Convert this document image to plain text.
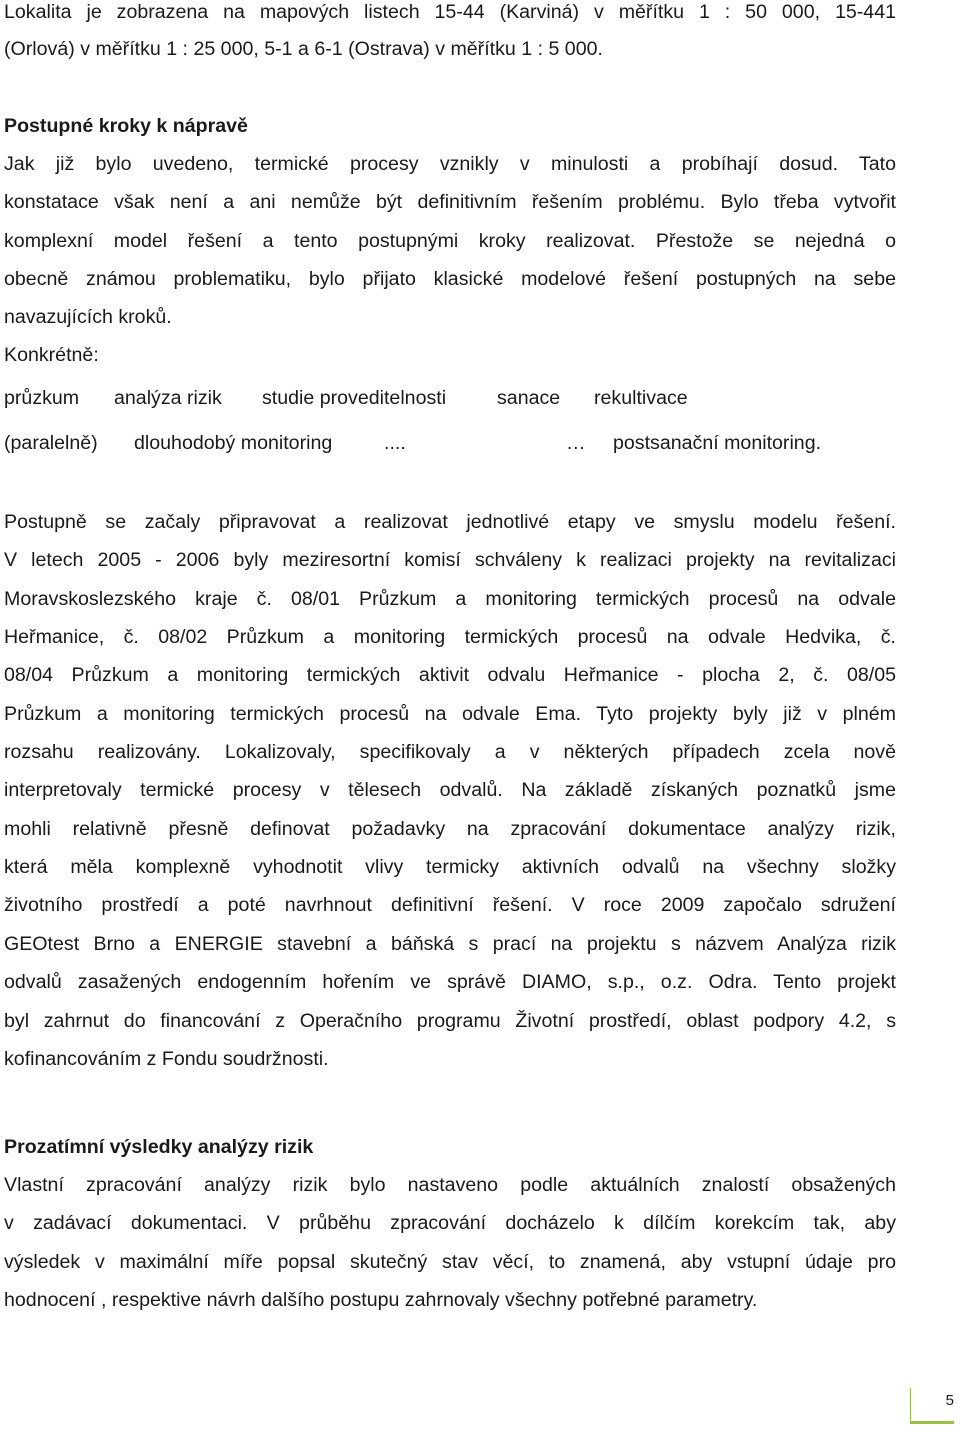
Lokalita je zobrazena na mapových listech 15-44 (Karviná) v měřítku 1 : 50 000, 15-441
(Orlová) v měřítku 1 : 25 000, 5-1 a 6-1 (Ostrava) v měřítku 1 : 5 000.
Postupné kroky k nápravě
Jak již bylo uvedeno, termické procesy vznikly v minulosti a probíhají dosud. Tato
konstatace však není a ani nemůže být definitivním řešením problému. Bylo třeba vytvořit
komplexní model řešení a tento postupnými kroky realizovat. Přestože se nejedná o
obecně známou problematiku, bylo přijato klasické modelové řešení postupných na sebe
navazujících kroků.
Konkrétně:
průzkum analýza rizik studie proveditelnosti	sanace rekultivace
(paralelně) dlouhodobý monitoring	....	… postsanační monitoring.
Postupně se začaly připravovat a realizovat jednotlivé etapy ve smyslu modelu řešení.
V letech 2005 - 2006 byly meziresortní komisí schváleny k realizaci projekty na revitalizaci
Moravskoslezského kraje č. 08/01 Průzkum a monitoring termických procesů na odvale
Heřmanice, č. 08/02 Průzkum a monitoring termických procesů na odvale Hedvika, č.
08/04 Průzkum a monitoring termických aktivit odvalu Heřmanice - plocha 2, č. 08/05
Průzkum a monitoring termických procesů na odvale Ema. Tyto projekty byly již v plném
rozsahu realizovány. Lokalizovaly, specifikovaly a v některých případech zcela nově
interpretovaly termické procesy v tělesech odvalů. Na základě získaných poznatků jsme
mohli relativně přesně definovat požadavky na zpracování dokumentace analýzy rizik,
která měla komplexně vyhodnotit vlivy termicky aktivních odvalů na všechny složky
životního prostředí a poté navrhnout definitivní řešení. V roce 2009 započalo sdružení
GEOtest Brno a ENERGIE stavební a báňská s prací na projektu s názvem Analýza rizik
odvalů zasažených endogenním hořením ve správě DIAMO, s.p., o.z. Odra. Tento projekt
byl zahrnut do financování z Operačního programu Životní prostředí, oblast podpory 4.2, s
kofinancováním z Fondu soudržnosti.
Prozatímní výsledky analýzy rizik
Vlastní zpracování analýzy rizik bylo nastaveno podle aktuálních znalostí obsažených
v zadávací dokumentaci. V průběhu zpracování docházelo k dílčím korekcím tak, aby
výsledek v maximální míře popsal skutečný stav věcí, to znamená, aby vstupní údaje pro
hodnocení , respektive návrh dalšího postupu zahrnovaly všechny potřebné parametry.
5
